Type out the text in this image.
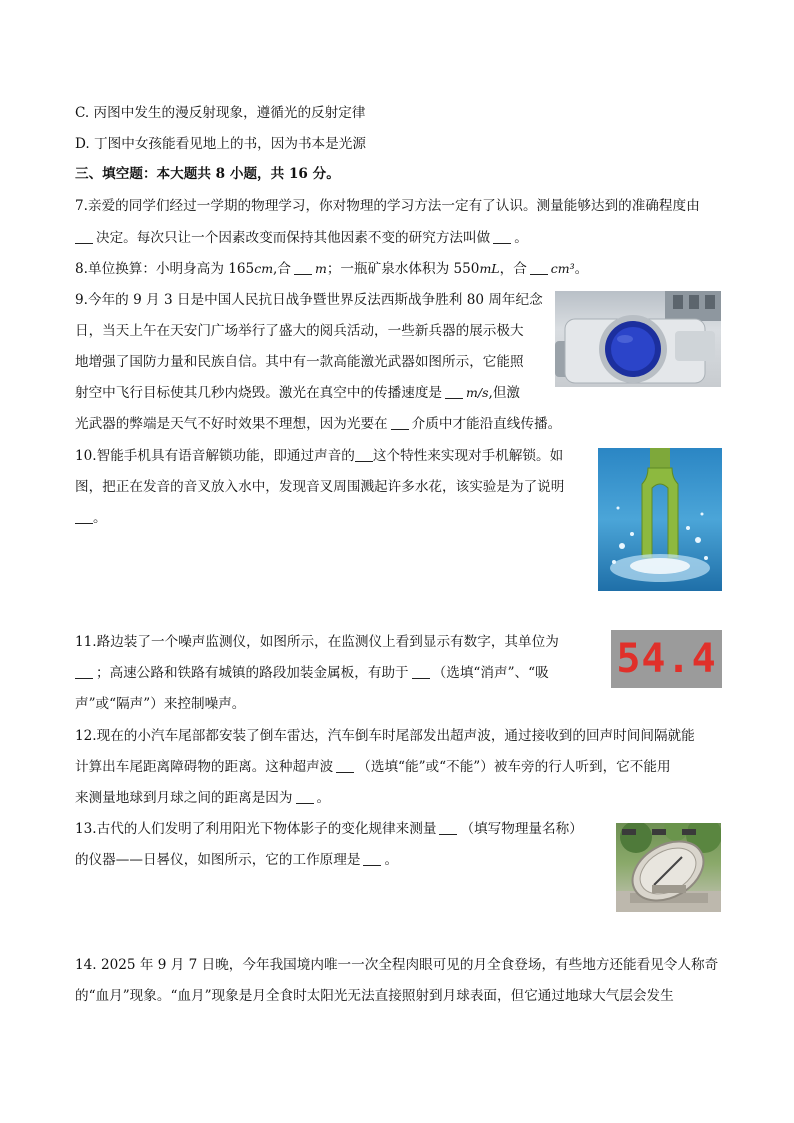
C. 丙图中发生的漫反射现象，遵循光的反射定律
D. 丁图中女孩能看见地上的书，因为书本是光源
三、填空题：本大题共 8 小题，共 16 分。
7.亲爱的同学们经过一学期的物理学习，你对物理的学习方法一定有了认识。测量能够达到的准确程度由
决定。每次只让一个因素改变而保持其他因素不变的研究方法叫做 。
8.单位换算：小明身高为 165cm,合 m；一瓶矿泉水体积为 550mL，合 cm³。
9.今年的 9 月 3 日是中国人民抗日战争暨世界反法西斯战争胜利 80 周年纪念
日，当天上午在天安门广场举行了盛大的阅兵活动，一些新兵器的展示极大
地增强了国防力量和民族自信。其中有一款高能激光武器如图所示，它能照
射空中飞行目标使其几秒内烧毁。激光在真空中的传播速度是 m/s,但激
光武器的弊端是天气不好时效果不理想，因为光要在 介质中才能沿直线传播。
10.智能手机具有语音解锁功能，即通过声音的 这个特性来实现对手机解锁。如
图，把正在发音的音叉放入水中，发现音叉周围溅起许多水花，该实验是为了说明
。
11.路边装了一个噪声监测仪，如图所示，在监测仪上看到显示有数字，其单位为
；高速公路和铁路有城镇的路段加装金属板，有助于 （选填“消声”、“吸
声”或“隔声”）来控制噪声。
54.4
12.现在的小汽车尾部都安装了倒车雷达，汽车倒车时尾部发出超声波，通过接收到的回声时间间隔就能
计算出车尾距离障碍物的距离。这种超声波 （选填“能”或“不能”）被车旁的行人听到，它不能用
来测量地球到月球之间的距离是因为 。
13.古代的人们发明了利用阳光下物体影子的变化规律来测量 （填写物理量名称）
的仪器——日晷仪，如图所示，它的工作原理是 。
14. 2025 年 9 月 7 日晚，今年我国境内唯一一次全程肉眼可见的月全食登场，有些地方还能看见令人称奇
的“血月”现象。“血月”现象是月全食时太阳光无法直接照射到月球表面，但它通过地球大气层会发生
